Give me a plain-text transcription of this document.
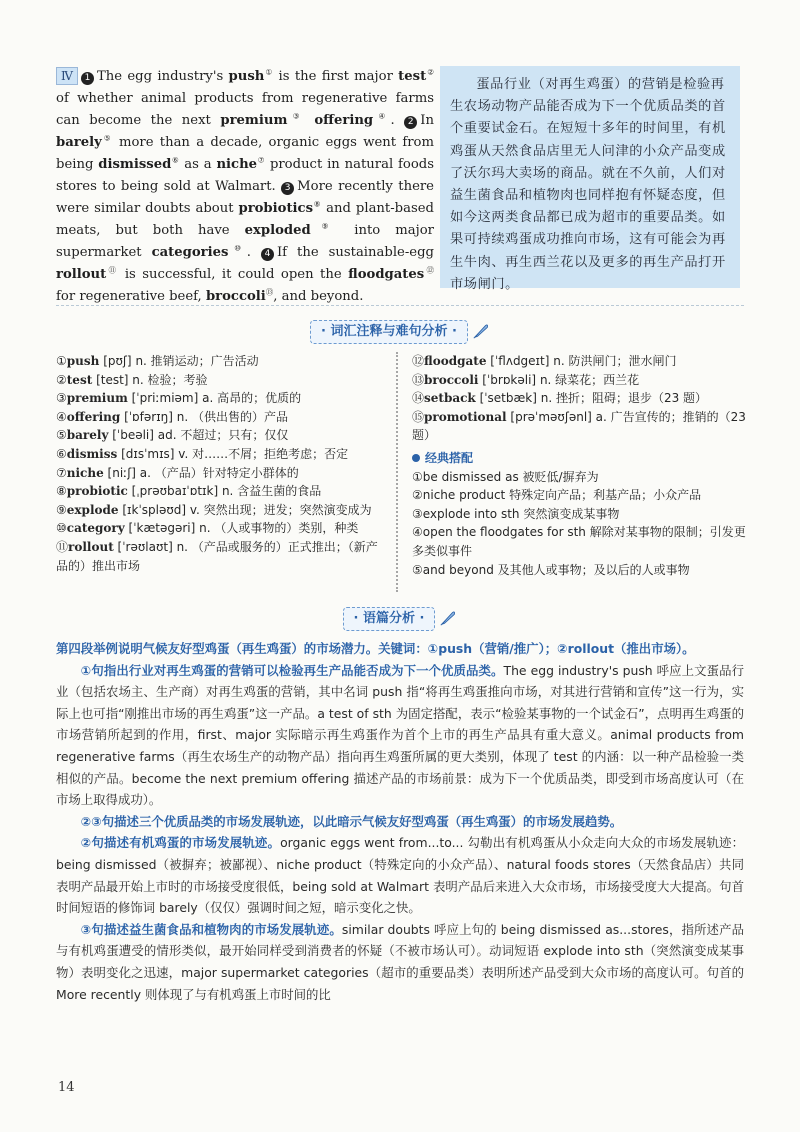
Ⅳ 1 The egg industry's push① is the first major test② of whether animal products from regenerative farms can become the next premium③ offering④. 2 In barely⑤ more than a decade, organic eggs went from being dismissed⑥ as a niche⑦ product in natural foods stores to being sold at Walmart. 3 More recently there were similar doubts about probiotics⑧ and plant-based meats, but both have exploded⑨ into major supermarket categories⑩. 4 If the sustainable-egg rollout⑪ is successful, it could open the floodgates⑫ for regenerative beef, broccoli⑬, and beyond.
蛋品行业（对再生鸡蛋）的营销是检验再生农场动物产品能否成为下一个优质品类的首个重要试金石。在短短十多年的时间里，有机鸡蛋从天然食品店里无人问津的小众产品变成了沃尔玛大卖场的商品。就在不久前，人们对益生菌食品和植物肉也同样抱有怀疑态度，但如今这两类食品都已成为超市的重要品类。如果可持续鸡蛋成功推向市场，这有可能会为再生牛肉、再生西兰花以及更多的再生产品打开市场闸门。
· 词汇注释与难句分析 ·
①push [pʊʃ] n. 推销运动；广告活动
②test [test] n. 检验；考验
③premium [ˈpriːmiəm] a. 高昂的；优质的
④offering [ˈɒfərɪŋ] n. （供出售的）产品
⑤barely [ˈbeəli] ad. 不超过；只有；仅仅
⑥dismiss [dɪsˈmɪs] v. 对……不屑；拒绝考虑；否定
⑦niche [niːʃ] a. （产品）针对特定小群体的
⑧probiotic [ˌprəʊbaɪˈɒtɪk] n. 含益生菌的食品
⑨explode [ɪkˈspləʊd] v. 突然出现；迸发；突然演变成为
⑩category [ˈkætəgəri] n. （人或事物的）类别，种类
⑪rollout [ˈrəʊlaʊt] n. （产品或服务的）正式推出；（新产品的）推出市场
⑫floodgate [ˈflʌdgeɪt] n. 防洪闸门；泄水闸门
⑬broccoli [ˈbrɒkəli] n. 绿菜花；西兰花
⑭setback [ˈsetbæk] n. 挫折；阻碍；退步（23 题）
⑮promotional [prəˈməʊʃənl] a. 广告宣传的；推销的（23 题）
经典搭配
①be dismissed as 被贬低/摒弃为
②niche product 特殊定向产品；利基产品；小众产品
③explode into sth 突然演变成某事物
④open the floodgates for sth 解除对某事物的限制；引发更多类似事件
⑤and beyond 及其他人或事物；及以后的人或事物
· 语篇分析 ·

第四段举例说明气候友好型鸡蛋（再生鸡蛋）的市场潜力。关键词：①push（营销/推广）；②rollout（推出市场）。

①句指出行业对再生鸡蛋的营销可以检验再生产品能否成为下一个优质品类。The egg industry's push 呼应上文蛋品行业（包括农场主、生产商）对再生鸡蛋的营销，其中名词 push 指“将再生鸡蛋推向市场，对其进行营销和宣传”这一行为，实际上也可指“刚推出市场的再生鸡蛋”这一产品。a test of sth 为固定搭配，表示“检验某事物的一个试金石”，点明再生鸡蛋的市场营销所起到的作用，first、major 实际暗示再生鸡蛋作为首个上市的再生产品具有重大意义。animal products from regenerative farms（再生农场生产的动物产品）指向再生鸡蛋所属的更大类别，体现了 test 的内涵：以一种产品检验一类相似的产品。become the next premium offering 描述产品的市场前景：成为下一个优质品类，即受到市场高度认可（在市场上取得成功）。

②③句描述三个优质品类的市场发展轨迹，以此暗示气候友好型鸡蛋（再生鸡蛋）的市场发展趋势。

②句描述有机鸡蛋的市场发展轨迹。organic eggs went from...to... 勾勒出有机鸡蛋从小众走向大众的市场发展轨迹：being dismissed（被摒弃；被鄙视）、niche product（特殊定向的小众产品）、natural foods stores（天然食品店）共同表明产品最开始上市时的市场接受度很低，being sold at Walmart 表明产品后来进入大众市场，市场接受度大大提高。句首时间短语的修饰词 barely（仅仅）强调时间之短，暗示变化之快。

③句描述益生菌食品和植物肉的市场发展轨迹。similar doubts 呼应上句的 being dismissed as...stores，指所述产品与有机鸡蛋遭受的情形类似，最开始同样受到消费者的怀疑（不被市场认可）。动词短语 explode into sth（突然演变成某事物）表明变化之迅速，major supermarket categories（超市的重要品类）表明所述产品受到大众市场的高度认可。句首的 More recently 则体现了与有机鸡蛋上市时间的比

14
